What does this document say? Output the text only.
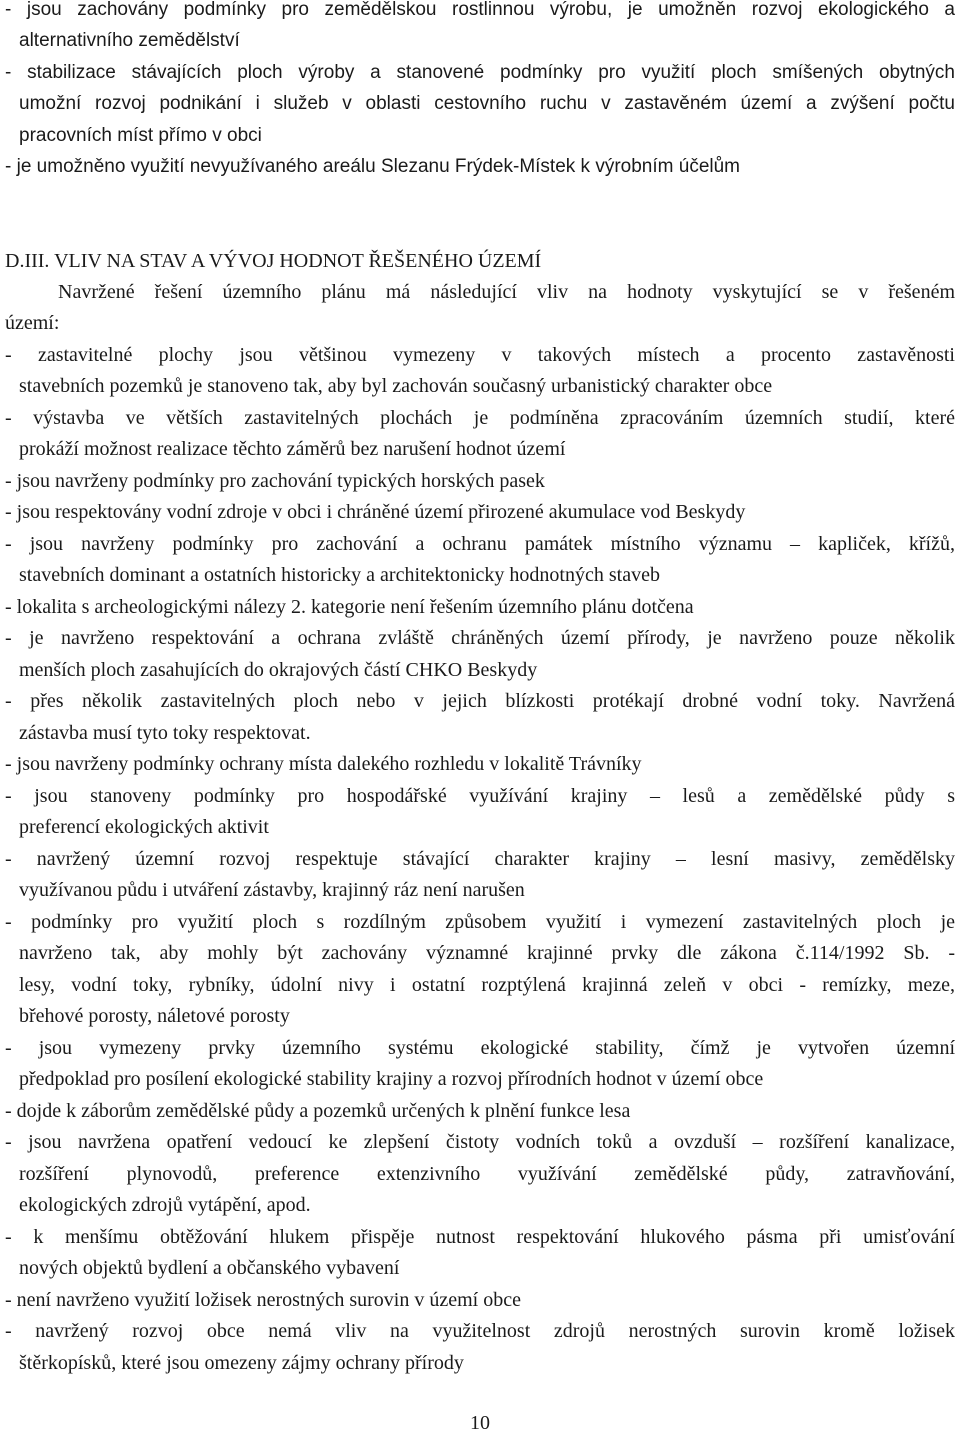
- jsou zachovány podmínky pro zemědělskou rostlinnou výrobu, je umožněn rozvoj ekologického a
alternativního zemědělství
- stabilizace stávajících ploch výroby a stanovené podmínky pro využití ploch smíšených obytných
umožní rozvoj podnikání i služeb v oblasti cestovního ruchu v zastavěném území a zvýšení počtu
pracovních míst přímo v obci
- je umožněno využití nevyužívaného areálu Slezanu Frýdek-Místek k výrobním účelům
D.III. VLIV NA STAV A VÝVOJ HODNOT ŘEŠENÉHO ÚZEMÍ
Navržené řešení územního plánu má následující vliv na hodnoty vyskytující se v řešeném
území:
- zastavitelné plochy jsou většinou vymezeny v takových místech a procento zastavěnosti
stavebních pozemků je stanoveno tak, aby byl zachován současný urbanistický charakter obce
- výstavba ve větších zastavitelných plochách je podmíněna zpracováním územních studií, které
prokáží možnost realizace těchto záměrů bez narušení hodnot území
- jsou navrženy podmínky pro zachování typických horských pasek
- jsou respektovány vodní zdroje v obci i chráněné území přirozené akumulace vod Beskydy
- jsou navrženy podmínky pro zachování a ochranu památek místního významu – kapliček, křížů,
stavebních dominant a ostatních historicky a architektonicky hodnotných staveb
- lokalita s archeologickými nálezy 2. kategorie není řešením územního plánu dotčena
- je navrženo respektování a ochrana zvláště chráněných území přírody, je navrženo pouze několik
menších ploch zasahujících do okrajových částí CHKO Beskydy
- přes několik zastavitelných ploch nebo v jejich blízkosti protékají drobné vodní toky. Navržená
zástavba musí tyto toky respektovat.
- jsou navrženy podmínky ochrany místa dalekého rozhledu v lokalitě Trávníky
- jsou stanoveny podmínky pro hospodářské využívání krajiny – lesů a zemědělské půdy s
preferencí ekologických aktivit
- navržený územní rozvoj respektuje stávající charakter krajiny – lesní masivy, zemědělsky
využívanou půdu i utváření zástavby, krajinný ráz není narušen
- podmínky pro využití ploch s rozdílným způsobem využití i vymezení zastavitelných ploch je
navrženo tak, aby mohly být zachovány významné krajinné prvky dle zákona č.114/1992 Sb. -
lesy, vodní toky, rybníky, údolní nivy i ostatní rozptýlená krajinná zeleň v obci - remízky, meze,
břehové porosty, náletové porosty
- jsou vymezeny prvky územního systému ekologické stability, čímž je vytvořen územní
předpoklad pro posílení ekologické stability krajiny a rozvoj přírodních hodnot v území obce
- dojde k záborům zemědělské půdy a pozemků určených k plnění funkce lesa
- jsou navržena opatření vedoucí ke zlepšení čistoty vodních toků a ovzduší – rozšíření kanalizace,
rozšíření plynovodů, preference extenzivního využívání zemědělské půdy, zatravňování,
ekologických zdrojů vytápění, apod.
- k menšímu obtěžování hlukem přispěje nutnost respektování hlukového pásma při umisťování
nových objektů bydlení a občanského vybavení
- není navrženo využití ložisek nerostných surovin v území obce
- navržený rozvoj obce nemá vliv na využitelnost zdrojů nerostných surovin kromě ložisek
štěrkopísků, které jsou omezeny zájmy ochrany přírody
10
